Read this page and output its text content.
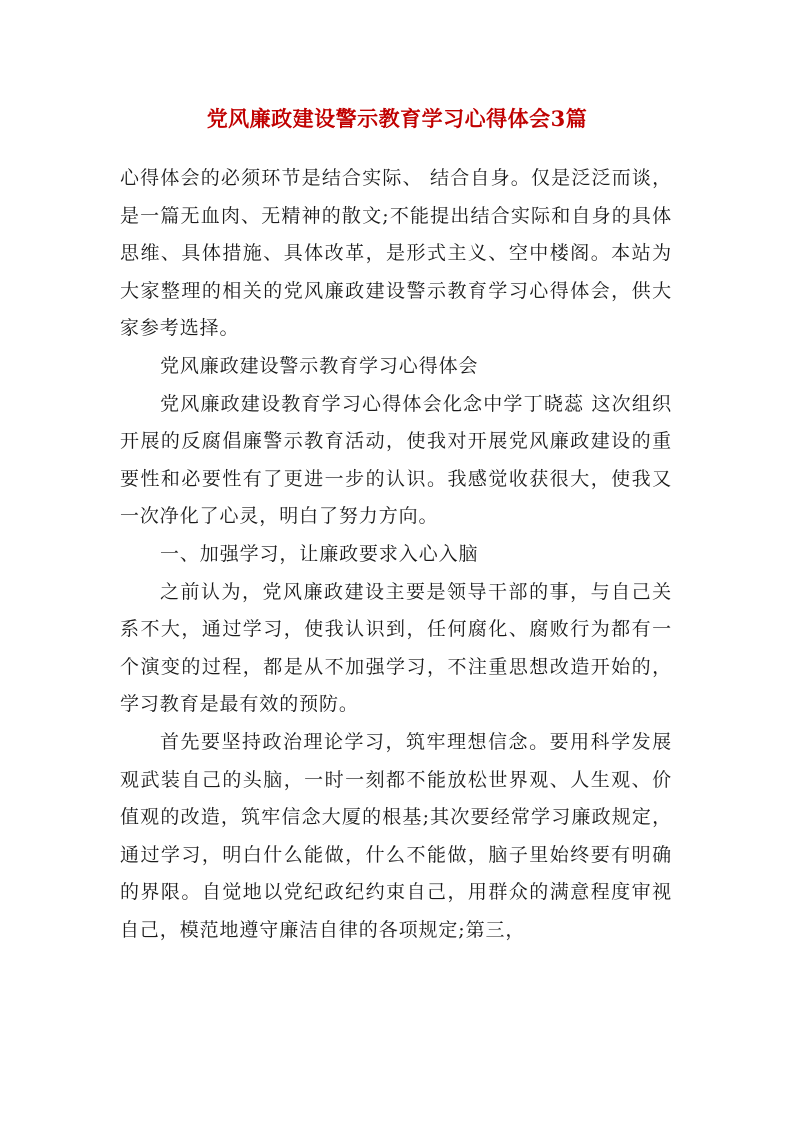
党风廉政建设警示教育学习心得体会3篇

心得体会的必须环节是结合实际、 结合自身。仅是泛泛而谈，是一篇无血肉、无精神的散文;不能提出结合实际和自身的具体思维、具体措施、具体改革，是形式主义、空中楼阁。本站为大家整理的相关的党风廉政建设警示教育学习心得体会，供大家参考选择。

党风廉政建设警示教育学习心得体会

党风廉政建设教育学习心得体会化念中学丁晓蕊 这次组织开展的反腐倡廉警示教育活动，使我对开展党风廉政建设的重要性和必要性有了更进一步的认识。我感觉收获很大，使我又一次净化了心灵，明白了努力方向。

一、加强学习，让廉政要求入心入脑

之前认为，党风廉政建设主要是领导干部的事，与自己关系不大，通过学习，使我认识到，任何腐化、腐败行为都有一个演变的过程，都是从不加强学习，不注重思想改造开始的，学习教育是最有效的预防。

首先要坚持政治理论学习，筑牢理想信念。要用科学发展观武装自己的头脑，一时一刻都不能放松世界观、人生观、价值观的改造，筑牢信念大厦的根基;其次要经常学习廉政规定，通过学习，明白什么能做，什么不能做，脑子里始终要有明确的界限。自觉地以党纪政纪约束自己，用群众的满意程度审视自己，模范地遵守廉洁自律的各项规定;第三，
